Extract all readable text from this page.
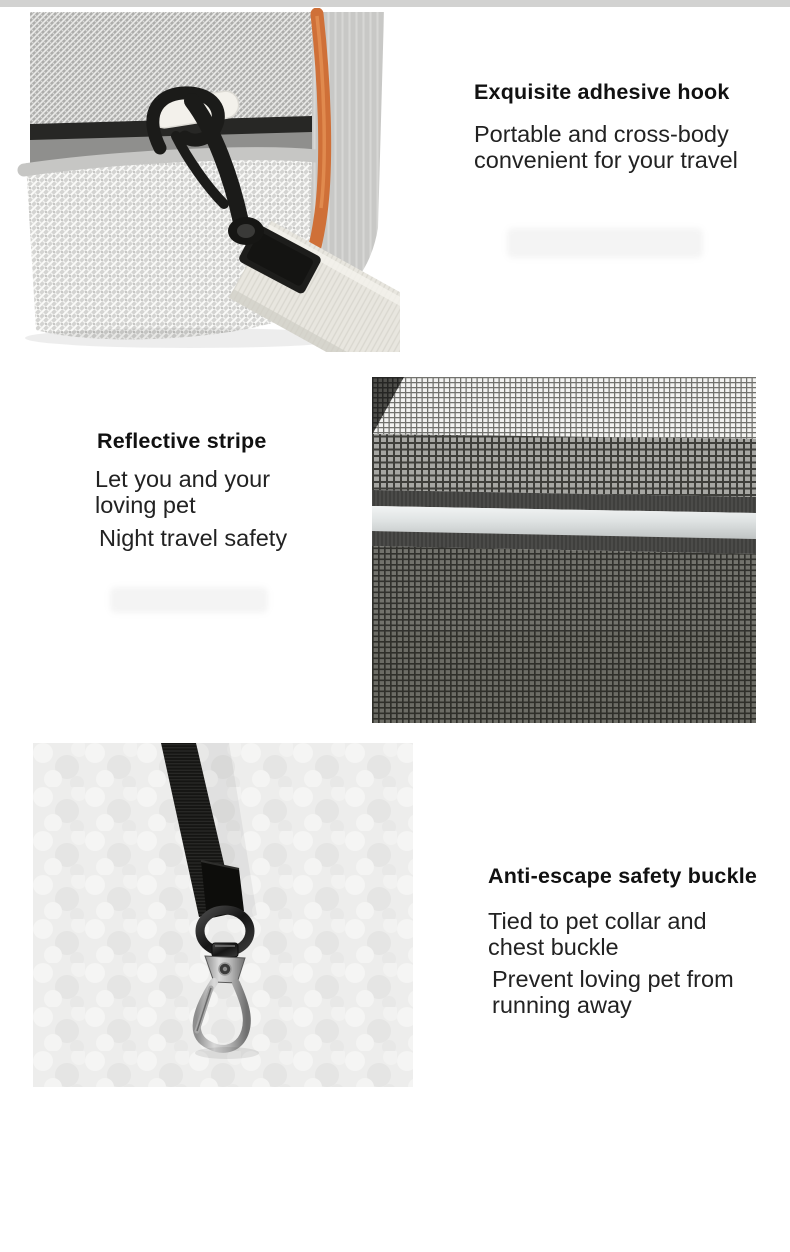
Exquisite adhesive hook

Portable and cross-body convenient for your travel

Reflective stripe

Let you and your loving pet

Night travel safety

Anti-escape safety buckle

Tied to pet collar and chest buckle

Prevent loving pet from running away
